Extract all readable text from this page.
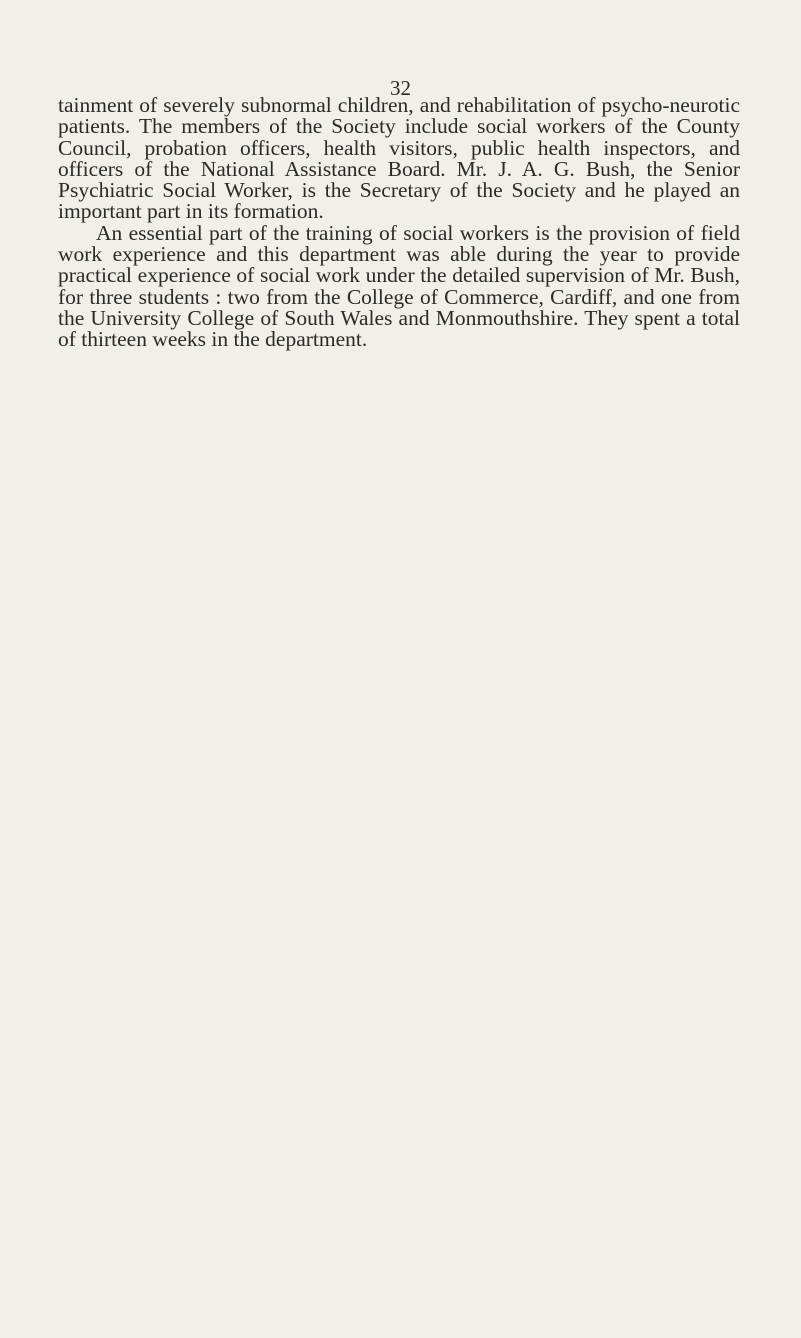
32

tainment of severely subnormal children, and rehabilitation of psycho-neurotic patients. The members of the Society include social workers of the County Council, probation officers, health visitors, public health inspectors, and officers of the National Assistance Board. Mr. J. A. G. Bush, the Senior Psychiatric Social Worker, is the Secretary of the Society and he played an important part in its formation.

An essential part of the training of social workers is the provision of field work experience and this department was able during the year to provide practical experience of social work under the detailed supervision of Mr. Bush, for three students : two from the College of Commerce, Cardiff, and one from the University College of South Wales and Monmouthshire. They spent a total of thirteen weeks in the department.
